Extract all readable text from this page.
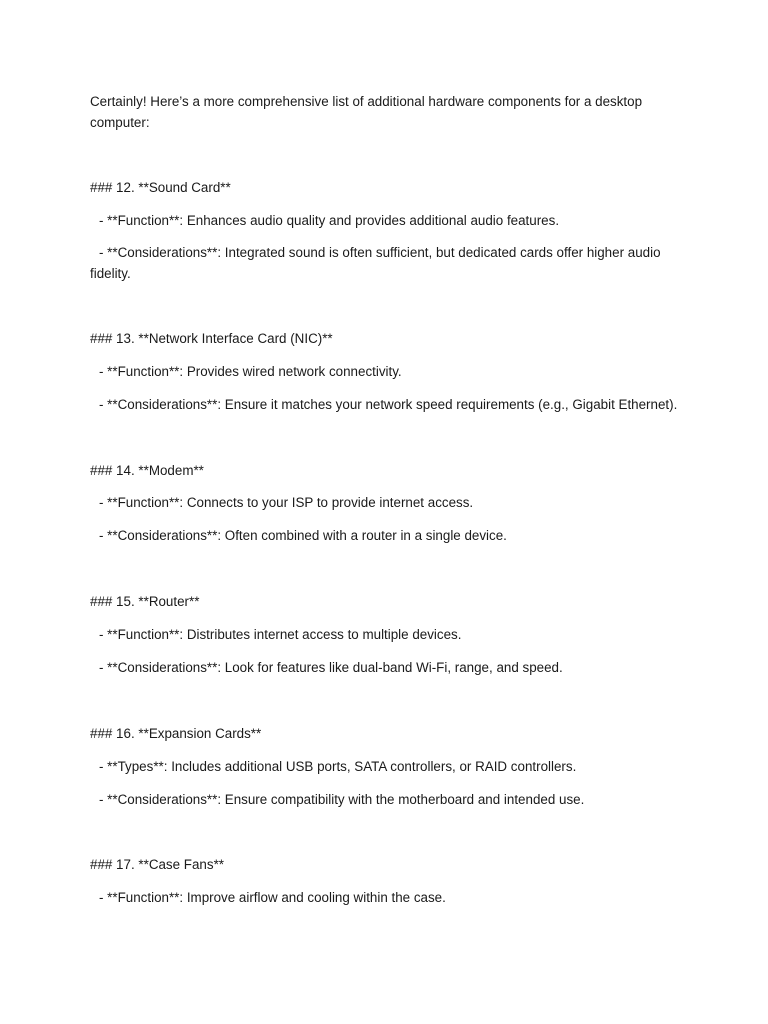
Certainly! Here’s a more comprehensive list of additional hardware components for a desktop computer:
### 12. **Sound Card**
- **Function**: Enhances audio quality and provides additional audio features.
- **Considerations**: Integrated sound is often sufficient, but dedicated cards offer higher audio fidelity.
### 13. **Network Interface Card (NIC)**
- **Function**: Provides wired network connectivity.
- **Considerations**: Ensure it matches your network speed requirements (e.g., Gigabit Ethernet).
### 14. **Modem**
- **Function**: Connects to your ISP to provide internet access.
- **Considerations**: Often combined with a router in a single device.
### 15. **Router**
- **Function**: Distributes internet access to multiple devices.
- **Considerations**: Look for features like dual-band Wi-Fi, range, and speed.
### 16. **Expansion Cards**
- **Types**: Includes additional USB ports, SATA controllers, or RAID controllers.
- **Considerations**: Ensure compatibility with the motherboard and intended use.
### 17. **Case Fans**
- **Function**: Improve airflow and cooling within the case.
